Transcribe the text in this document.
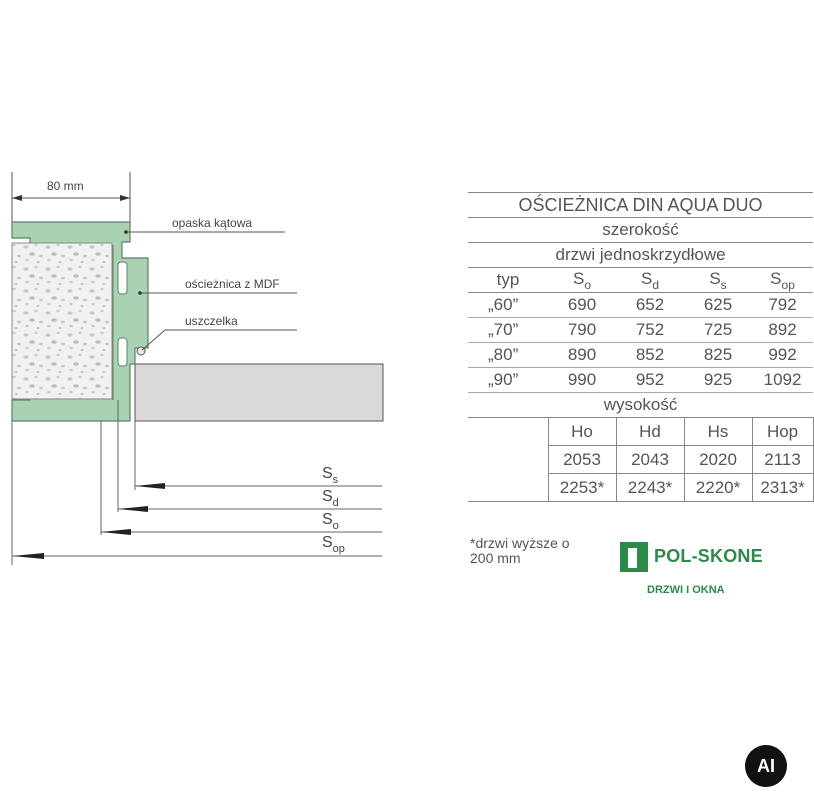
80 mm
opaska kątowa
ościeżnica z MDF
uszczelka
$S_s$
$S_d$
$S_o$
$S_{op}$
OŚCIEŻNICA DIN AQUA DUO				
szerokość				
drzwi jednoskrzydłowe				
typ	$S_o$	$S_d$	$S_s$	$S_{op}$
„60”	690	652	625	792
„70”	790	752	725	892
„80”	890	852	825	992
„90”	990	952	925	1092
wysokość				
	Ho	Hd	Hs	Hop
	2053	2043	2020	2113
	2253*	2243*	2220*	2313*
*drzwi wyższe o 200 mm	POL-SKONE
DRZWI I OKNA
AI
